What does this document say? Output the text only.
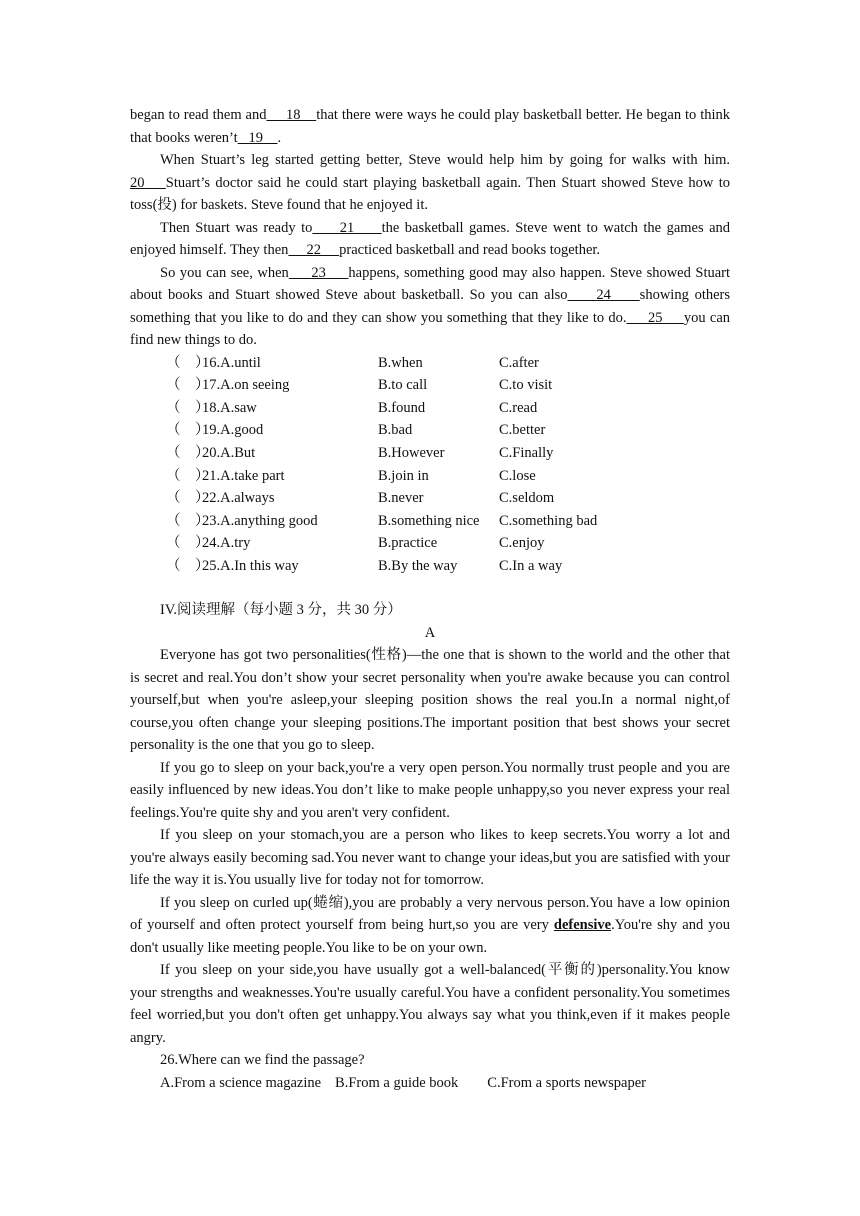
began to read them and 18 that there were ways he could play basketball better. He began to think that books weren’t 19 .

When Stuart’s leg started getting better, Steve would help him by going for walks with him. 20 Stuart’s doctor said he could start playing basketball again. Then Stuart showed Steve how to toss(投) for baskets. Steve found that he enjoyed it.

Then Stuart was ready to 21 the basketball games. Steve went to watch the games and enjoyed himself. They then 22 practiced basketball and read books together.

So you can see, when 23 happens, something good may also happen. Steve showed Stuart about books and Stuart showed Steve about basketball. So you can also 24 showing others something that you like to do and they can show you something that they like to do. 25 you can find new things to do.

（　）
16.A.until	B.when	C.after
（　）
17.A.on seeing	B.to call	C.to visit
（　）
18.A.saw	B.found	C.read
（　）
19.A.good	B.bad	C.better
（　）
20.A.But	B.However	C.Finally
（　）
21.A.take part	B.join in	C.lose
（　）
22.A.always	B.never	C.seldom
（　）
23.A.anything good	B.something nice	C.something bad
（　）
24.A.try	B.practice	C.enjoy
（　）
25.A.In this way	B.By the way	C.In a way

IV.阅读理解（每小题 3 分，共 30 分）

A

Everyone has got two personalities(性格)—the one that is shown to the world and the other that is secret and real.You don’t show your secret personality when you're awake because you can control yourself,but when you're asleep,your sleeping position shows the real you.In a normal night,of course,you often change your sleeping positions.The important position that best shows your secret personality is the one that you go to sleep.

If you go to sleep on your back,you're a very open person.You normally trust people and you are easily influenced by new ideas.You don’t like to make people unhappy,so you never express your real feelings.You're quite shy and you aren't very confident.

If you sleep on your stomach,you are a person who likes to keep secrets.You worry a lot and you're always easily becoming sad.You never want to change your ideas,but you are satisfied with your life the way it is.You usually live for today not for tomorrow.

If you sleep on curled up(蜷缩),you are probably a very nervous person.You have a low opinion of yourself and often protect yourself from being hurt,so you are very defensive.You're shy and you don't usually like meeting people.You like to be on your own.

If you sleep on your side,you have usually got a well-balanced(平衡的)personality.You know your strengths and weaknesses.You're usually careful.You have a confident personality.You sometimes feel worried,but you don't often get unhappy.You always say what you think,even if it makes people angry.

26.Where can we find the passage?

A.From a science magazine B.From a guide book C.From a sports newspaper
